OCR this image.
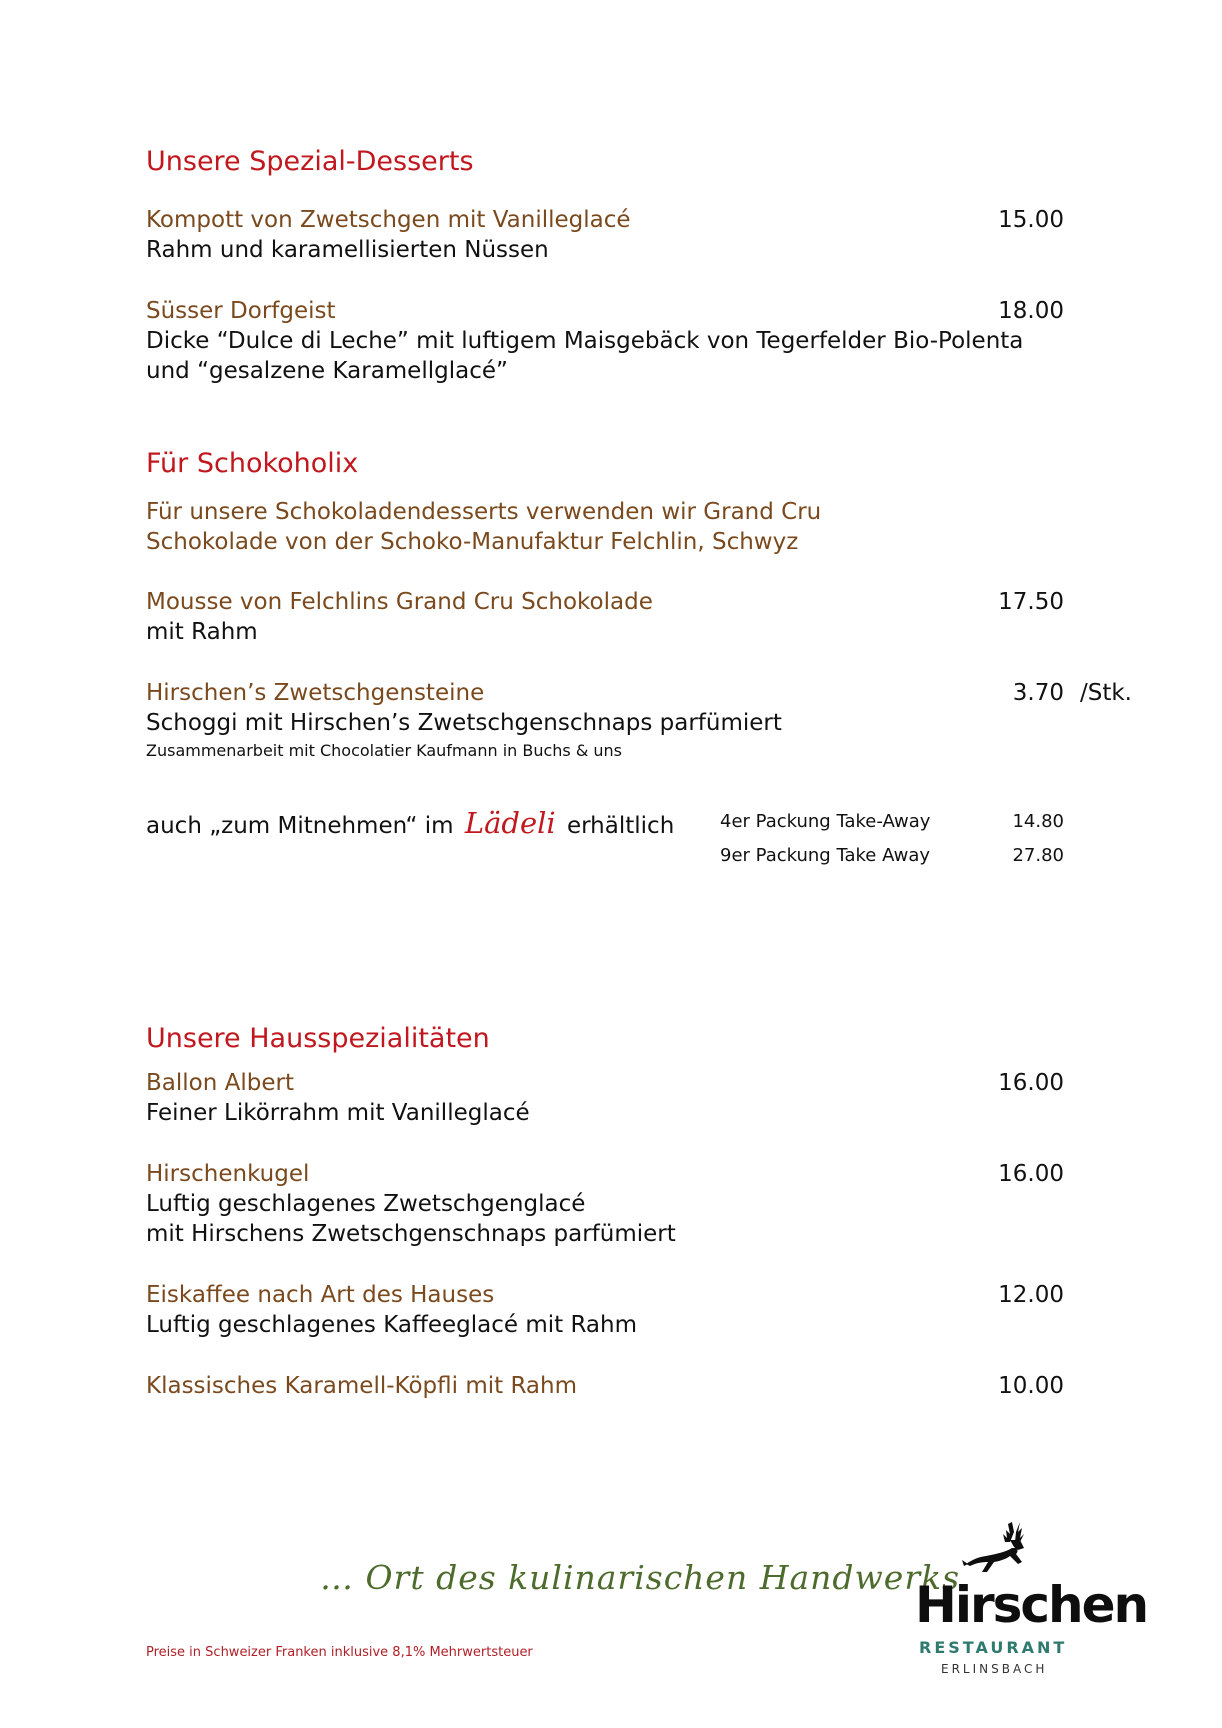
Unsere Spezial-Desserts
Kompott von Zwetschgen mit Vanilleglacé	15.00
Rahm und karamellisierten Nüssen
Süsser Dorfgeist	18.00
Dicke “Dulce di Leche” mit luftigem Maisgebäck von Tegerfelder Bio-Polenta
und “gesalzene Karamellglacé”
Für Schokoholix
Für unsere Schokoladendesserts verwenden wir Grand Cru
Schokolade von der Schoko-Manufaktur Felchlin, Schwyz
Mousse von Felchlins Grand Cru Schokolade	17.50
mit Rahm
Hirschen’s Zwetschgensteine	3.70 /Stk.
Schoggi mit Hirschen’s Zwetschgenschnaps parfümiert
Zusammenarbeit mit Chocolatier Kaufmann in Buchs & uns
auch „zum Mitnehmen“ im Lädeli erhältlich	4er Packung Take-Away	14.80
9er Packung Take Away	27.80
Unsere Hausspezialitäten
Ballon Albert	16.00
Feiner Likörrahm mit Vanilleglacé
Hirschenkugel	16.00
Luftig geschlagenes Zwetschgenglacé
mit Hirschens Zwetschgenschnaps parfümiert
Eiskaffee nach Art des Hauses	12.00
Luftig geschlagenes Kaffeeglacé mit Rahm
Klassisches Karamell-Köpfli mit Rahm	10.00
… Ort des kulinarischen Handwerks
Preise in Schweizer Franken inklusive 8,1% Mehrwertsteuer
Hirschen
RESTAURANT
ERLINSBACH
